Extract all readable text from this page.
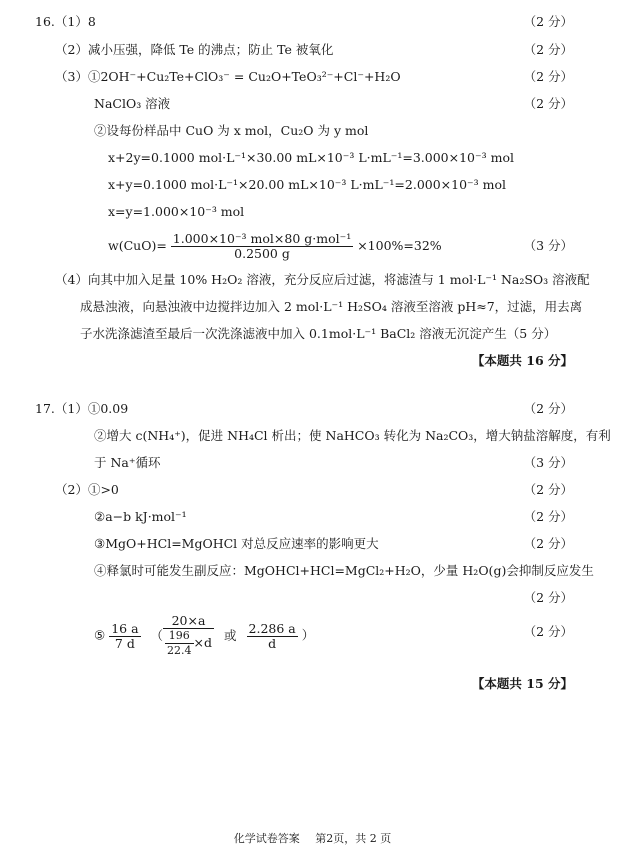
16.（1）8	（2 分）
（2）减小压强，降低 Te 的沸点；防止 Te 被氧化	（2 分）
（3）①2OH⁻+Cu₂Te+ClO₃⁻ = Cu₂O+TeO₃²⁻+Cl⁻+H₂O	（2 分）
NaClO₃ 溶液	（2 分）
②设每份样品中 CuO 为 x mol，Cu₂O 为 y mol
x+2y=0.1000 mol·L⁻¹×30.00 mL×10⁻³ L·mL⁻¹=3.000×10⁻³ mol
x+y=0.1000 mol·L⁻¹×20.00 mL×10⁻³ L·mL⁻¹=2.000×10⁻³ mol
x=y=1.000×10⁻³ mol
$w(CuO)= \frac{\text{1.000×10⁻³ mol×80 g·mol⁻¹}}{0.2500 g} \times 100\%=32\%$	（3 分）
（4）向其中加入足量 10% H₂O₂ 溶液，充分反应后过滤，将滤渣与 1 mol·L⁻¹ Na₂SO₃ 溶液配
成悬浊液，向悬浊液中边搅拌边加入 2 mol·L⁻¹ H₂SO₄ 溶液至溶液 pH≈7，过滤，用去离
子水洗涤滤渣至最后一次洗涤滤液中加入 0.1mol·L⁻¹ BaCl₂ 溶液无沉淀产生（5 分）
【本题共 16 分】
17.（1）①0.09	（2 分）
②增大 c(NH₄⁺)，促进 NH₄Cl 析出；使 NaHCO₃ 转化为 Na₂CO₃，增大钠盐溶解度，有利
于 Na⁺循环	（3 分）
（2）①>0	（2 分）
②a−b kJ·mol⁻¹	（2 分）
③MgO+HCl=MgOHCl 对总反应速率的影响更大	（2 分）
④释氯时可能发生副反应：MgOHCl+HCl=MgCl₂+H₂O，少量 H₂O(g)会抑制反应发生
（2 分）
⑤ $\frac{16 a}{7 d}$ （ $\frac{20\times a}{\frac{196}{22.4} \times d}$ 或 $\frac{2.286 a}{d}$ ）	（2 分）
【本题共 15 分】
化学试卷答案 第2页，共 2 页
